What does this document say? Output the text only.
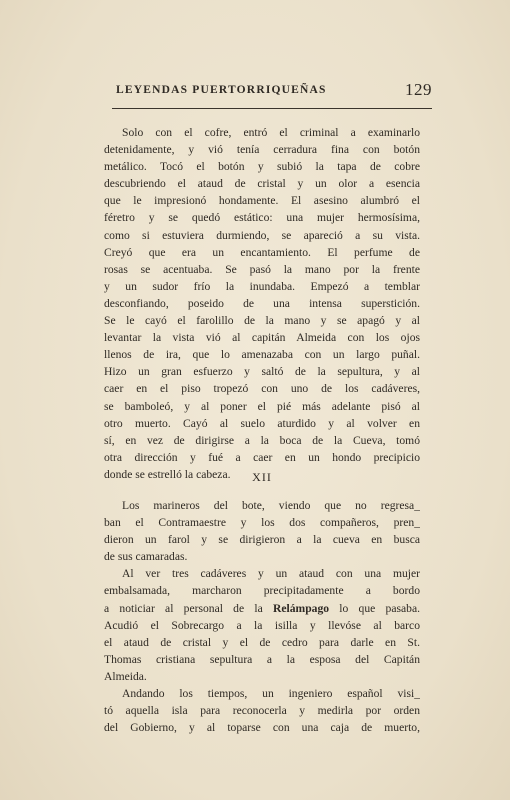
LEYENDAS PUERTORRIQUEÑAS	129
Solo con el cofre, entró el criminal a examinarlo
detenidamente, y vió tenía cerradura fina con botón
metálico. Tocó el botón y subió la tapa de cobre
descubriendo el ataud de cristal y un olor a esencia
que le impresionó hondamente. El asesino alumbró el
féretro y se quedó estático: una mujer hermosísima,
como si estuviera durmiendo, se apareció a su vista.
Creyó que era un encantamiento. El perfume de
rosas se acentuaba. Se pasó la mano por la frente
y un sudor frío la inundaba. Empezó a temblar
desconfiando, poseido de una intensa superstición.
Se le cayó el farolillo de la mano y se apagó y al
levantar la vista vió al capitán Almeida con los ojos
llenos de ira, que lo amenazaba con un largo puñal.
Hizo un gran esfuerzo y saltó de la sepultura, y al
caer en el piso tropezó con uno de los cadáveres,
se bamboleó, y al poner el pié más adelante pisó al
otro muerto. Cayó al suelo aturdido y al volver en
sí, en vez de dirigirse a la boca de la Cueva, tomó
otra dirección y fué a caer en un hondo precipicio
donde se estrelló la cabeza.	XII
Los marineros del bote, viendo que no regresa_
ban el Contramaestre y los dos compañeros, pren_
dieron un farol y se dirigieron a la cueva en busca
de sus camaradas.
Al ver tres cadáveres y un ataud con una mujer
embalsamada, marcharon precipitadamente a bordo
a noticiar al personal de la Relámpago lo que pasaba.
Acudió el Sobrecargo a la isilla y llevóse al barco
el ataud de cristal y el de cedro para darle en St.
Thomas cristiana sepultura a la esposa del Capitán
Almeida.
Andando los tiempos, un ingeniero español visi_
tó aquella isla para reconocerla y medirla por orden
del Gobierno, y al toparse con una caja de muerto,
